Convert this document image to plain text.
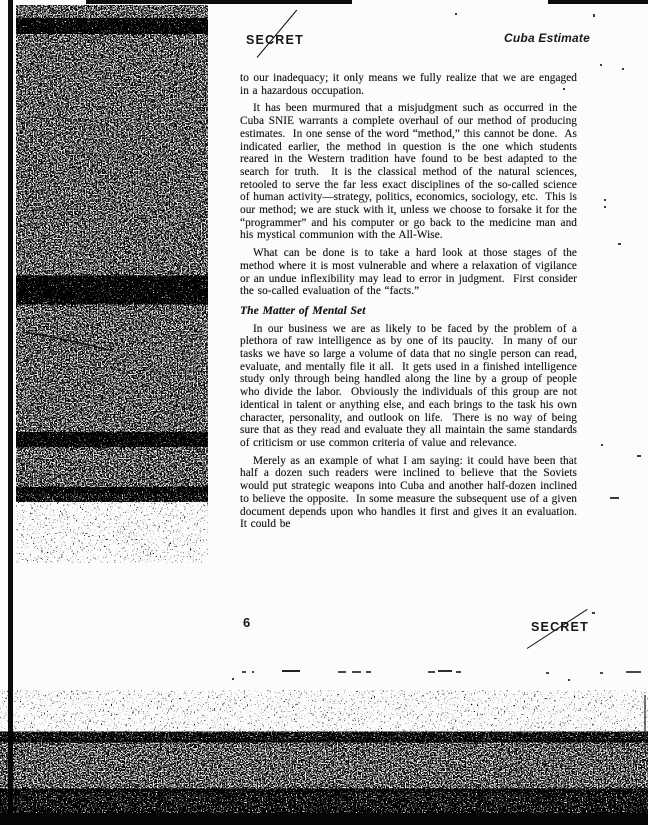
SECRET	Cuba Estimate

to our inadequacy; it only means we fully realize that we are engaged in a hazardous occupation.

It has been murmured that a misjudgment such as occurred in the Cuba SNIE warrants a complete overhaul of our method of producing estimates.  In one sense of the word “method,” this cannot be done.  As indicated earlier, the method in question is the one which students reared in the Western tradition have found to be best adapted to the search for truth.  It is the classical method of the natural sciences, retooled to serve the far less exact disciplines of the so-called science of human activity—strategy, politics, economics, sociology, etc.  This is our method; we are stuck with it, unless we choose to forsake it for the “programmer” and his computer or go back to the medicine man and his mystical communion with the All-Wise.

What can be done is to take a hard look at those stages of the method where it is most vulnerable and where a relaxation of vigilance or an undue inflexibility may lead to error in judgment.  First consider the so-called evaluation of the “facts.”

The Matter of Mental Set

In our business we are as likely to be faced by the problem of a plethora of raw intelligence as by one of its paucity.  In many of our tasks we have so large a volume of data that no single person can read, evaluate, and mentally file it all.  It gets used in a finished intelligence study only through being handled along the line by a group of people who divide the labor.  Obviously the individuals of this group are not identical in talent or anything else, and each brings to the task his own character, personality, and outlook on life.  There is no way of being sure that as they read and evaluate they all maintain the same standards of criticism or use common criteria of value and relevance.

Merely as an example of what I am saying: it could have been that half a dozen such readers were inclined to believe that the Soviets would put strategic weapons into Cuba and another half-dozen inclined to believe the opposite.  In some measure the subsequent use of a given document depends upon who handles it first and gives it an evaluation.  It could be

6	SECRET
